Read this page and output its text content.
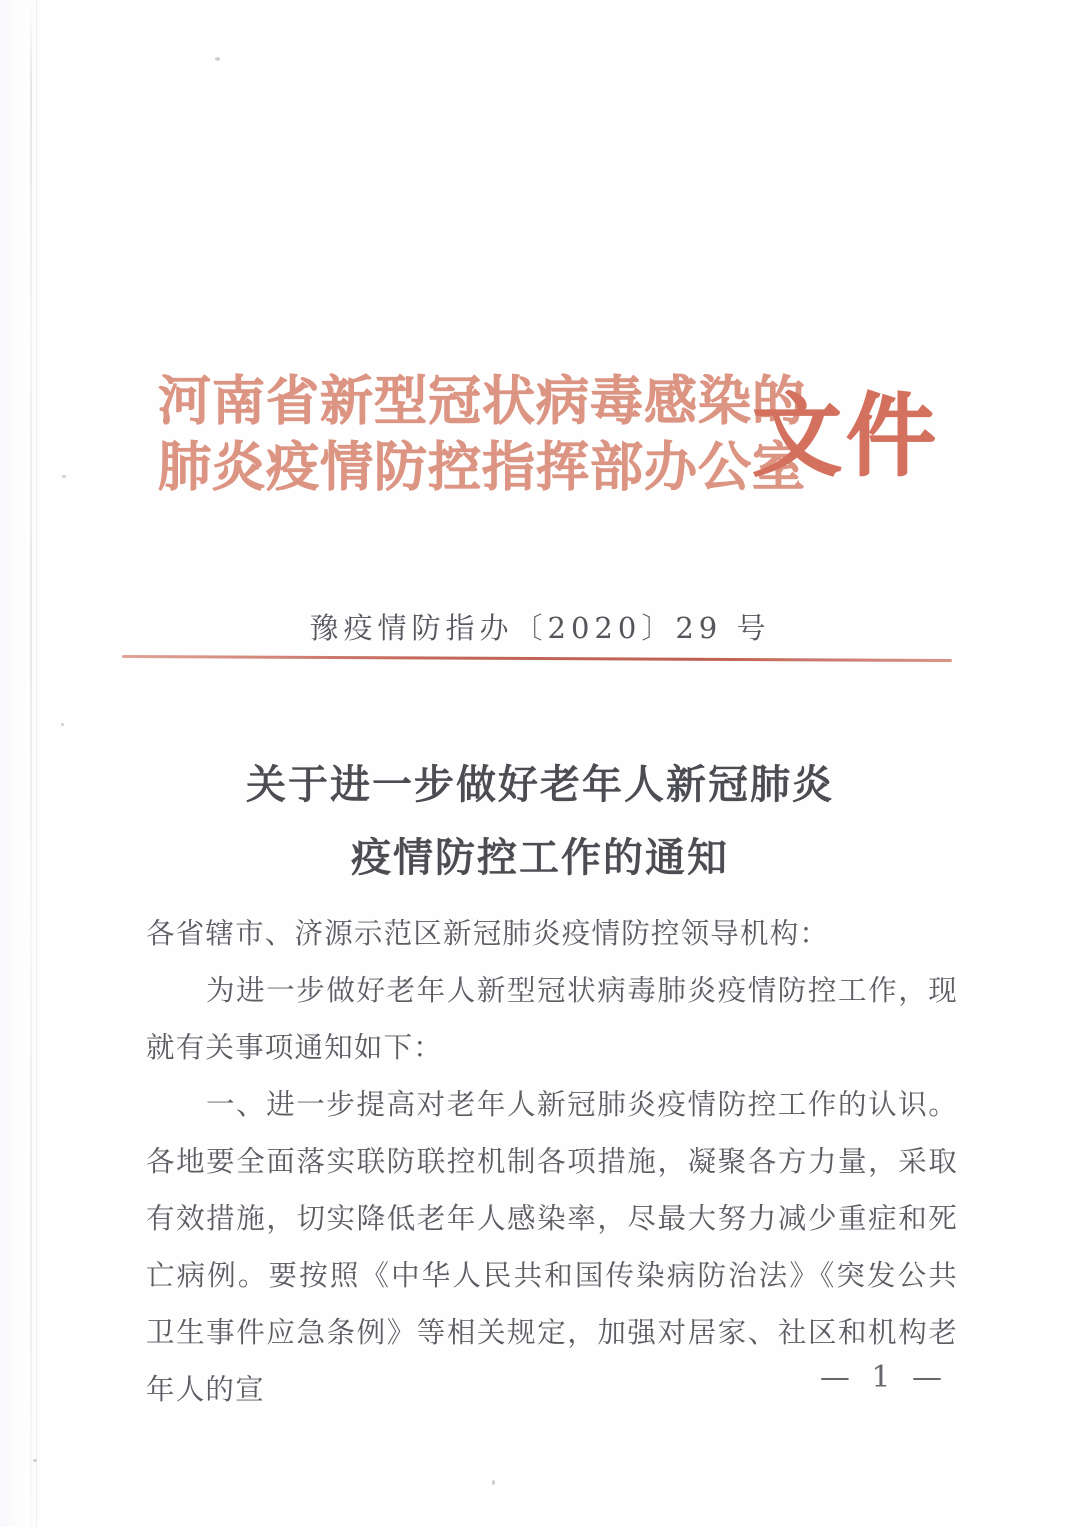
河南省新型冠状病毒感染的
肺炎疫情防控指挥部办公室
文件
豫疫情防指办〔2020〕29 号
关于进一步做好老年人新冠肺炎
疫情防控工作的通知

各省辖市、济源示范区新冠肺炎疫情防控领导机构：

为进一步做好老年人新型冠状病毒肺炎疫情防控工作，现就有关事项通知如下：

一、进一步提高对老年人新冠肺炎疫情防控工作的认识。各地要全面落实联防联控机制各项措施，凝聚各方力量，采取有效措施，切实降低老年人感染率，尽最大努力减少重症和死亡病例。要按照《中华人民共和国传染病防治法》《突发公共卫生事件应急条例》等相关规定，加强对居家、社区和机构老年人的宣	— 1 —
